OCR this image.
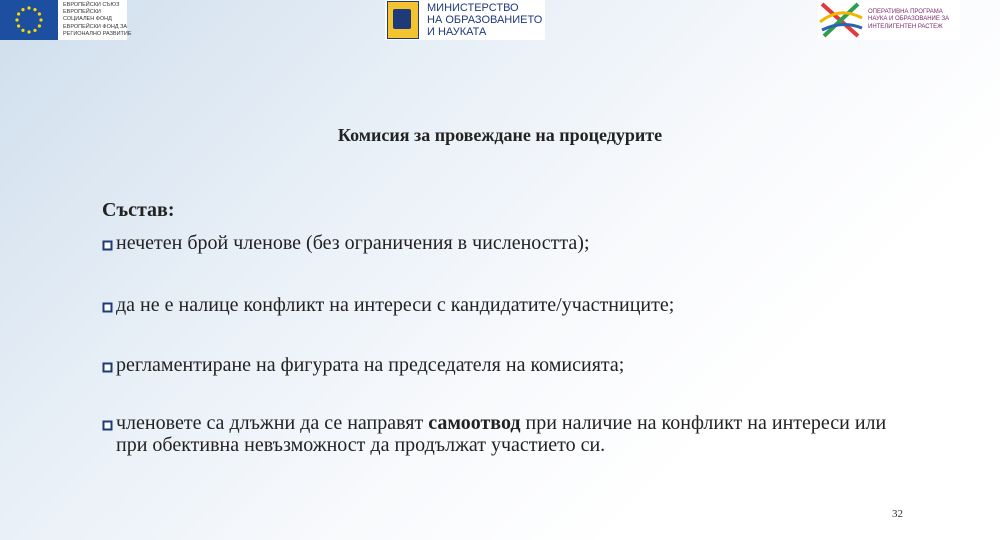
ЕВРОПЕЙСКИ СЪЮЗ
ЕВРОПЕЙСКИ
СОЦИАЛЕН ФОНД
ЕВРОПЕЙСКИ ФОНД ЗА
РЕГИОНАЛНО РАЗВИТИЕ
МИНИСТЕРСТВО
НА ОБРАЗОВАНИЕТО
И НАУКАТА
ОПЕРАТИВНА ПРОГРАМА
НАУКА И ОБРАЗОВАНИЕ ЗА
ИНТЕЛИГЕНТЕН РАСТЕЖ
Комисия за провеждане на процедурите

Състав:

нечетен брой членове (без ограничения в числеността);
да не е налице конфликт на интереси с кандидатите/участниците;
регламентиране на фигурата на председателя на комисията;
членовете са длъжни да се направят самоотвод при наличие на конфликт на интереси или при обективна невъзможност да продължат участието си.
32
